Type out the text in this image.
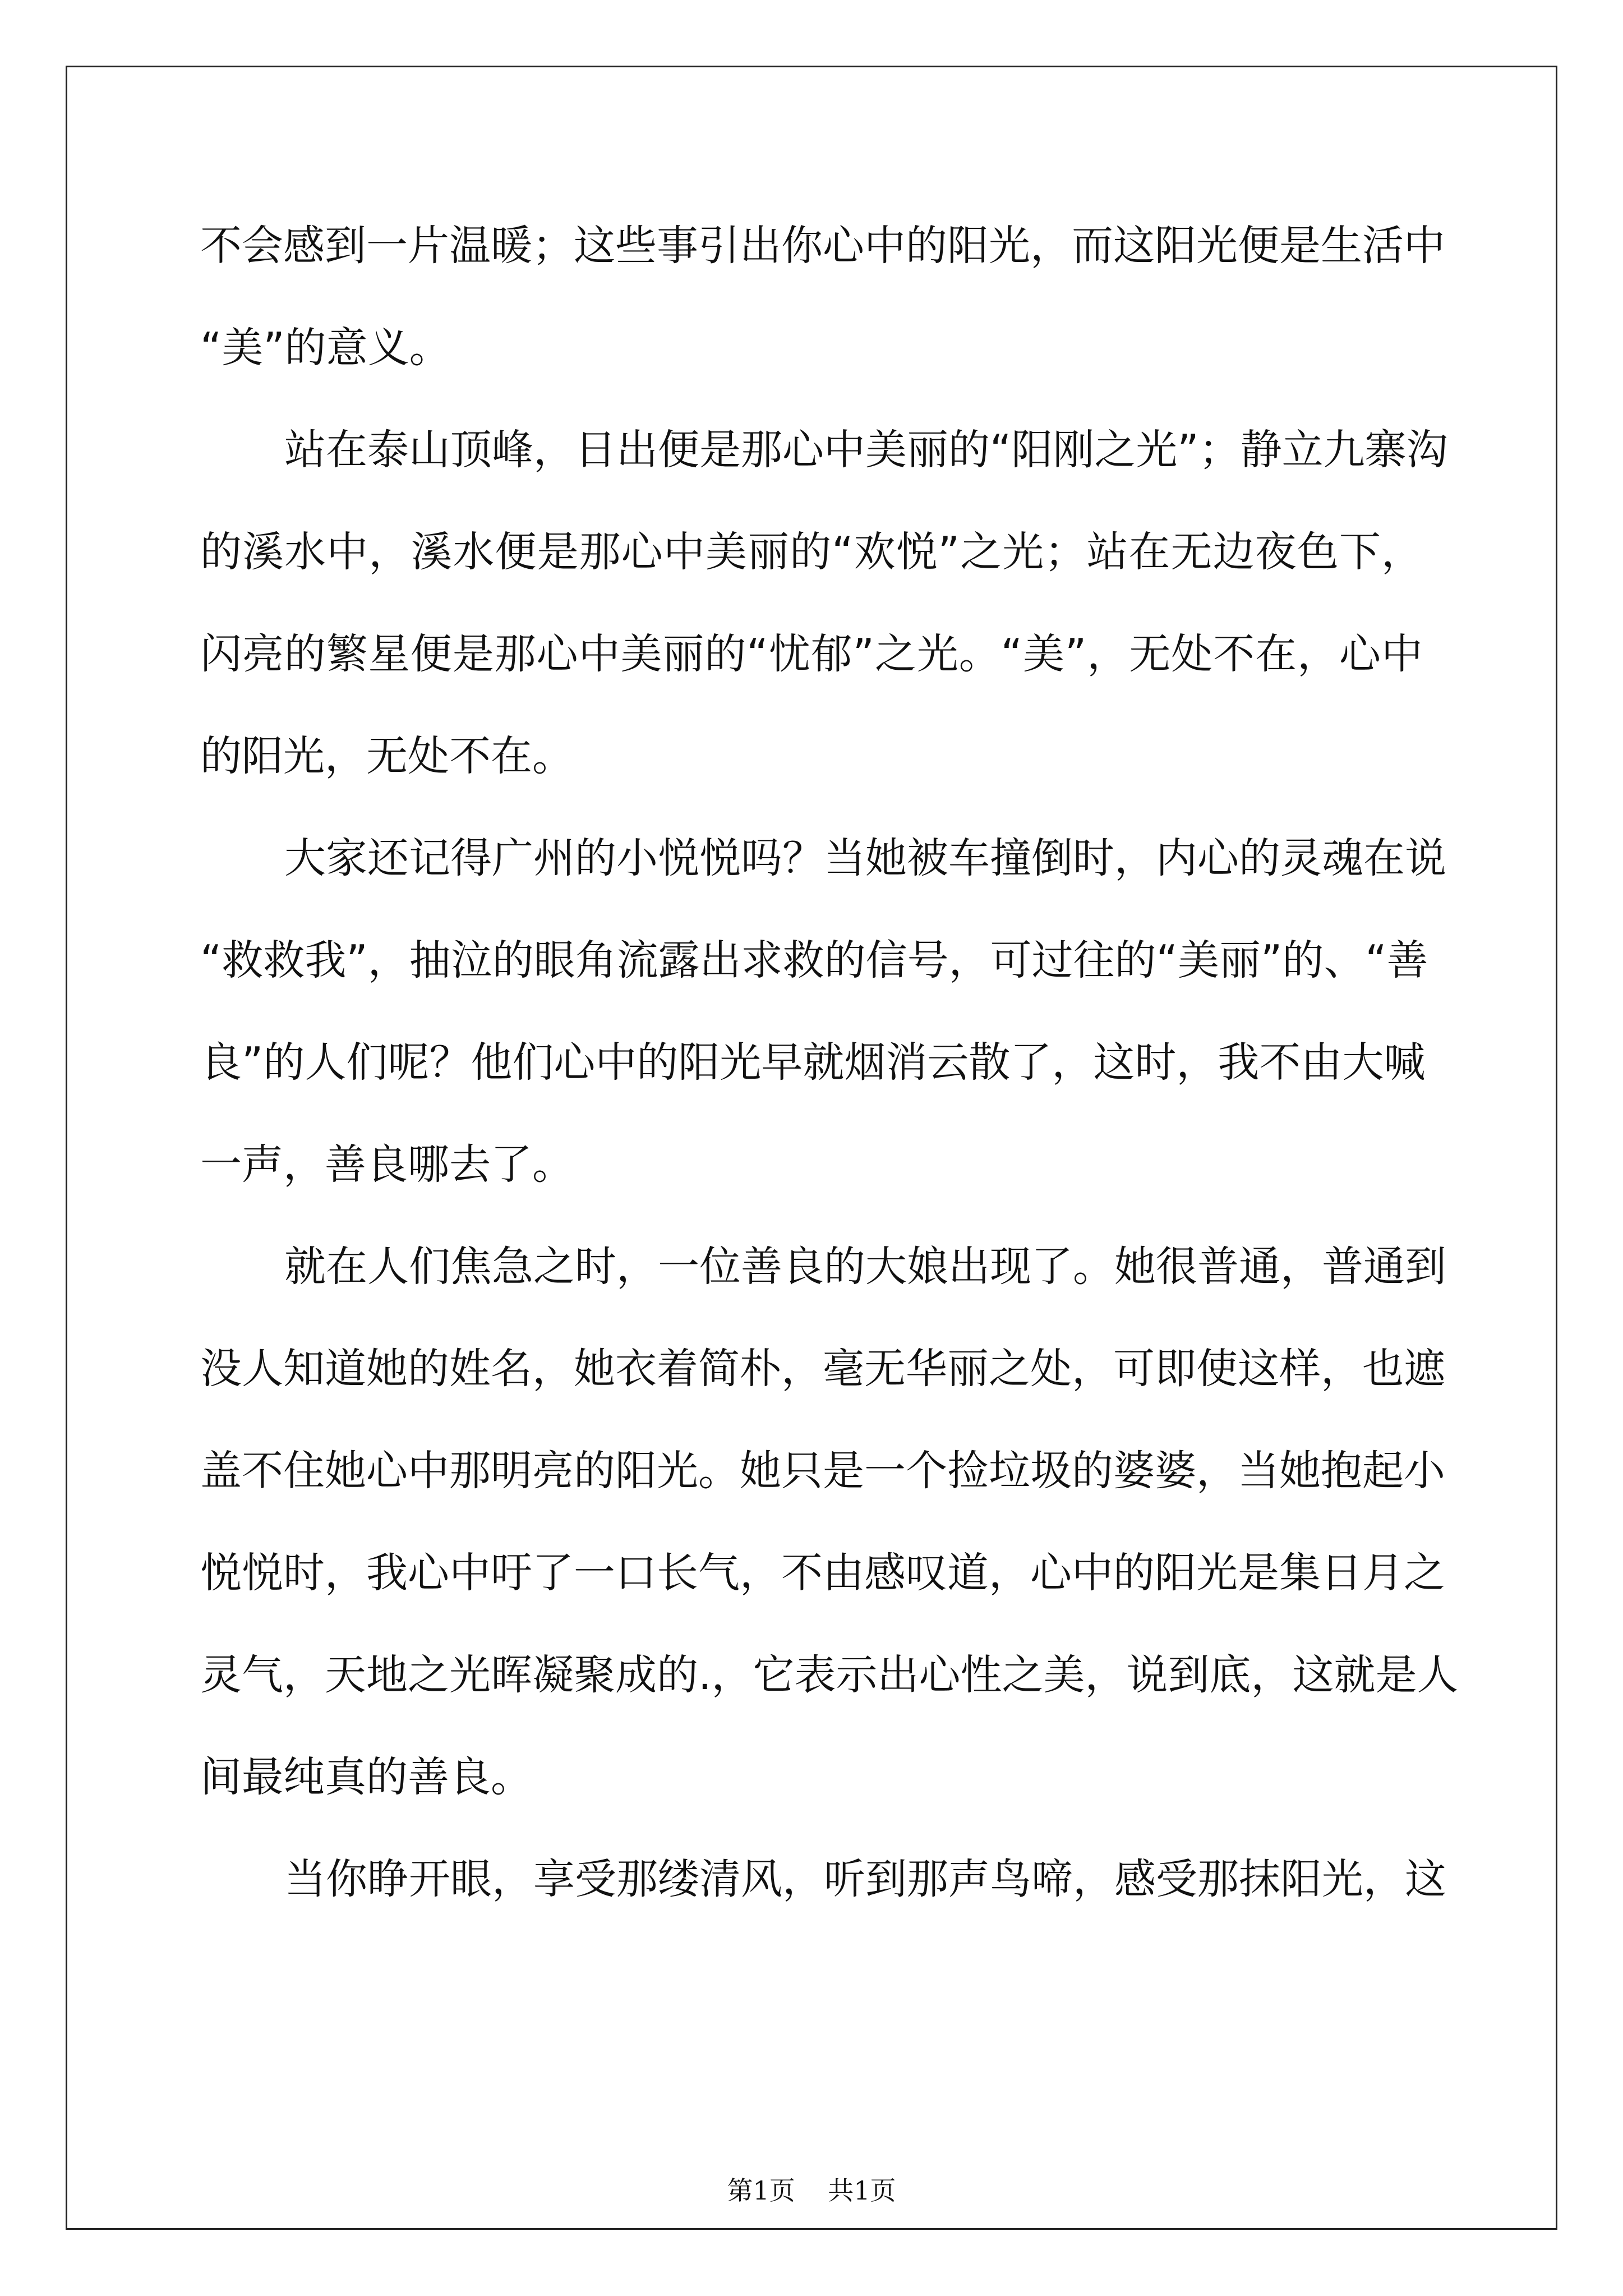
不会感到一片温暖；这些事引出你心中的阳光，而这阳光便是生活中
“美”的意义。
站在泰山顶峰，日出便是那心中美丽的“阳刚之光”；静立九寨沟
的溪水中，溪水便是那心中美丽的“欢悦”之光；站在无边夜色下，
闪亮的繁星便是那心中美丽的“忧郁”之光。“美”，无处不在，心中
的阳光，无处不在。
大家还记得广州的小悦悦吗？当她被车撞倒时，内心的灵魂在说
“救救我”，抽泣的眼角流露出求救的信号，可过往的“美丽”的、“善
良”的人们呢？他们心中的阳光早就烟消云散了，这时，我不由大喊
一声，善良哪去了。
就在人们焦急之时，一位善良的大娘出现了。她很普通，普通到
没人知道她的姓名，她衣着简朴，毫无华丽之处，可即使这样，也遮
盖不住她心中那明亮的阳光。她只是一个捡垃圾的婆婆，当她抱起小
悦悦时，我心中吁了一口长气，不由感叹道，心中的阳光是集日月之
灵气，天地之光晖凝聚成的.，它表示出心性之美，说到底，这就是人
间最纯真的善良。
当你睁开眼，享受那缕清风，听到那声鸟啼，感受那抹阳光，这
第1页    共1页
